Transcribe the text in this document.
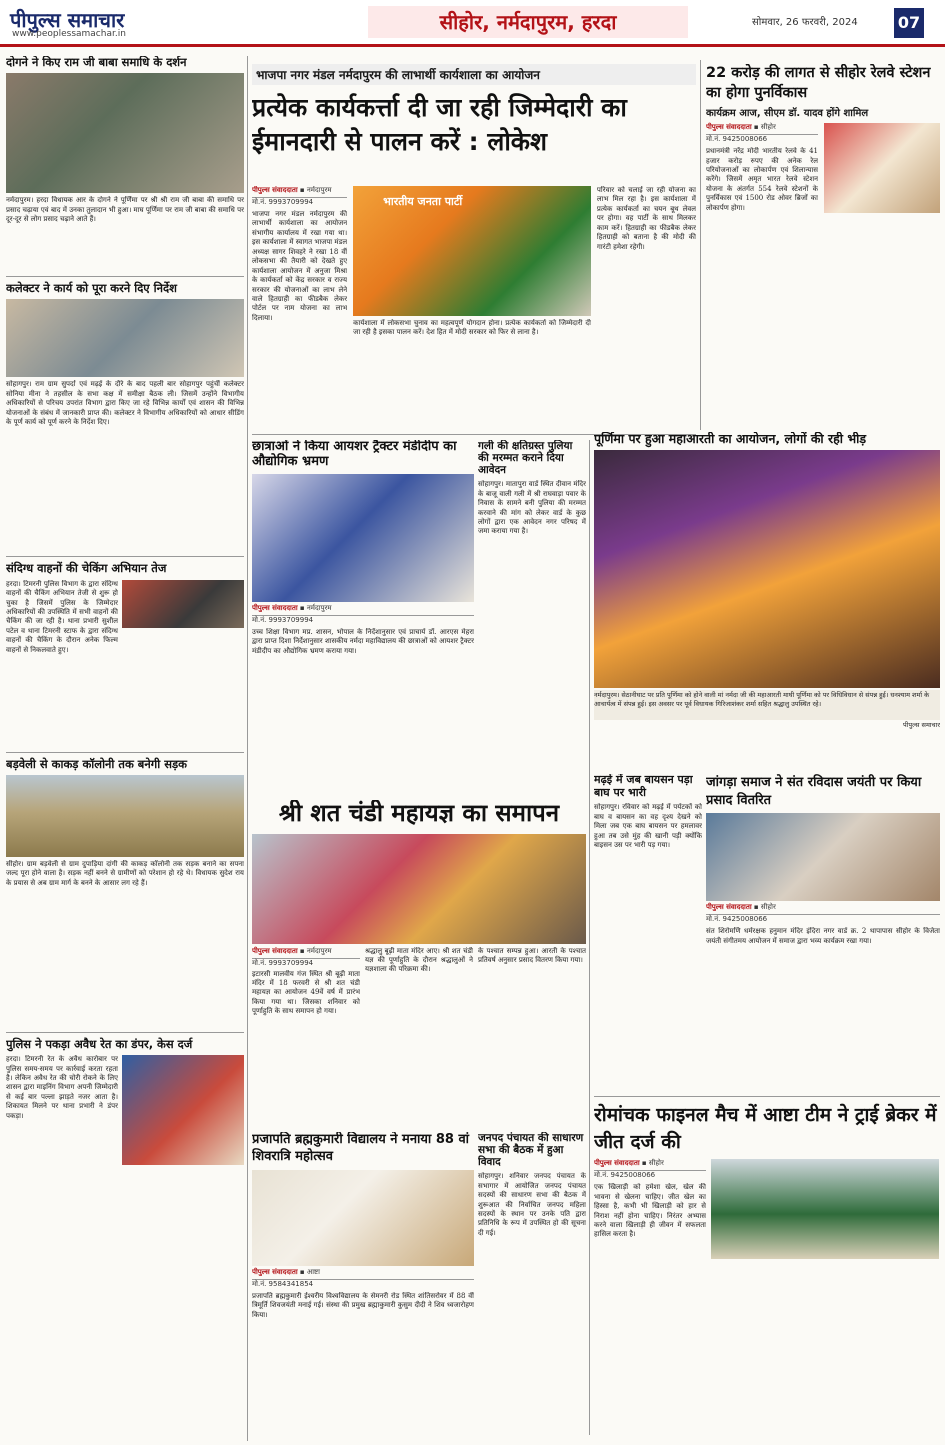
पीपुल्स समाचार
www.peoplessamachar.in	सीहोर, नर्मदापुरम, हरदा	सोमवार, 26 फरवरी, 2024	07
दोगने ने किए राम जी बाबा समाधि के दर्शन
नर्मदापुरम। हरदा विधायक आर के दोगने ने पूर्णिमा पर श्री श्री राम जी बाबा की समाधि पर प्रसाद चढ़ाया एवं बाद में उनका तुलादान भी हुआ। माघ पूर्णिमा पर राम जी बाबा की समाधि पर दूर-दूर से लोग प्रसाद चढ़ाने आते हैं।
कलेक्टर ने कार्य को पूरा करने दिए निर्देश
सोहागपुर। राम ग्राम सुपर्दा एवं मढ़ई के दौरे के बाद पहली बार सोहागपुर पहुंचीं कलेक्टर सोनिया मीना ने तहसील के सभा कक्ष में समीक्षा बैठक ली। जिसमें उन्होंने विभागीय अधिकारियों से परिचय उपरांत विभाग द्वारा किए जा रहे विभिन्न कार्यों एवं शासन की विभिन्न योजनाओं के संबंध में जानकारी प्राप्त की। कलेक्टर ने विभागीय अधिकारियों को आधार सीडिंग के पूर्ण कार्य को पूर्ण करने के निर्देश दिए।
संदिग्ध वाहनों की चेकिंग अभियान तेज
हरदा। टिमरनी पुलिस विभाग के द्वारा संदिग्ध वाहनों की चैकिंग अभियान तेजी से शुरू हो चुका है जिसमें पुलिस के जिम्मेदार अधिकारियों की उपस्थिति में सभी वाहनों की चैकिंग की जा रही है। थाना प्रभारी सुशील पटेल व थाना टिमरनी स्टाफ के द्वारा संदिग्ध वाहनों की चैकिंग के दौरान अनेक फिल्म वाहनों से निकलवाते हुए।
बड़वेली से काकड़ कॉलोनी तक बनेगी सड़क
सीहोर। ग्राम बड़वेली से ग्राम दुपाड़िया दांगी की काकड़ कॉलोनी तक सड़क बनाने का सपना जल्द पूरा होने वाला है। सड़क नहीं बनने से ग्रामीणों को परेशान हो रहे थे। विधायक सुदेश राय के प्रयास से अब ग्राम मार्ग के बनने के आसार लग रहे हैं।
पुलिस ने पकड़ा अवैध रेत का डंपर, केस दर्ज
हरदा। टिमरनी रेत के अवैध कारोबार पर पुलिस समय-समय पर कार्रवाई करता रहता है। लेकिन अवैध रेत की चोरी रोकने के लिए शासन द्वारा माइनिंग विभाग अपनी जिम्मेदारी से कई बार पल्ला झाड़ते नजर आता है। शिकायत मिलने पर थाना प्रभारी ने डंपर पकड़ा।
भाजपा नगर मंडल नर्मदापुरम की लाभार्थी कार्यशाला का आयोजन
प्रत्येक कार्यकर्त्ता दी जा रही जिम्मेदारी का ईमानदारी से पालन करें : लोकेश
पीपुल्स संवाददाता ▪ नर्मदापुरम
मो.नं. 9993709994
भाजपा नगर मंडल नर्मदापुरम की लाभार्थी कार्यशाला का आयोजन संभागीय कार्यालय में रखा गया था। इस कार्यशाला में स्वागत भाजपा मंडल अध्यक्ष सागर शिवहरे ने रखा 18 वीं लोकसभा की तैयारी को देखते हुए कार्यशाला आयोजन में अनुजा मिश्रा के कार्यकर्ता को केंद्र सरकार व राज्य सरकार की योजनाओं का लाभ लेने वाले हितग्राही का फीडबैक लेकर पोर्टल पर नाम योजना का लाभ दिलाया।
भारतीय जनता पार्टी
कार्यशाला में लोकसभा चुनाव का महत्वपूर्ण योगदान होना। प्रत्येक कार्यकर्ता को जिम्मेदारी दी जा रही है इसका पालन करें। देश हित में मोदी सरकार को फिर से लाना है।
परिवार को चलाई जा रही योजना का लाभ मिल रहा है। इस कार्यशाला में प्रत्येक कार्यकर्ता का चयन बूथ लेवल पर होगा। वह पार्टी के साथ मिलकर काम करें। हितग्राही का फीडबैक लेकर हितग्राही को बताना है की मोदी की गारंटी हमेशा रहेगी।
छात्राओं ने किया आयशर ट्रैक्टर मंडीदीप का औद्योगिक भ्रमण
पीपुल्स संवाददाता ▪ नर्मदापुरम
मो.नं. 9993709994
उच्च शिक्षा विभाग मप्र. शासन, भोपाल के निर्देशानुसार एवं प्राचार्य डॉ. आरएस मेहरा द्वारा प्राप्त दिशा निर्देशानुसार शासकीय नर्मदा महाविद्यालय की छात्राओं को आयशर ट्रैक्टर मंडीदीप का औद्योगिक भ्रमण कराया गया।
गली की क्षतिग्रस्त पुलिया की मरम्मत कराने दिया आवेदन
सोहागपुर। मातापुरा वार्ड स्थित दीवान मंदिर के बाजू वाली गली में श्री राघवाड़ा पवार के निवास के सामने बनी पुलिया की मरम्मत करवाने की मांग को लेकर वार्ड के कुछ लोगों द्वारा एक आवेदन नगर परिषद में जमा कराया गया है।
22 करोड़ की लागत से सीहोर रेलवे स्टेशन का होगा पुनर्विकास
कार्यक्रम आज, सीएम डॉ. यादव होंगे शामिल
पीपुल्स संवाददाता ▪ सीहोर
मो.नं. 9425008066
प्रधानमंत्री नरेंद्र मोदी भारतीय रेलवे के 41 हजार करोड़ रुपए की अनेक रेल परियोजनाओं का लोकार्पण एवं शिलान्यास करेंगे। जिसमें अमृत भारत रेलवे स्टेशन योजना के अंतर्गत 554 रेलवे स्टेशनों के पुनर्विकास एवं 1500 रोड ओवर ब्रिजों का लोकार्पण होगा।
पूर्णिमा पर हुआ महाआरती का आयोजन, लोगों की रही भीड़
नर्मदापुरम। सेठानीघाट पर प्रति पूर्णिमा को होने वाली मां नर्मदा जी की महाआरती माघी पूर्णिमा को पर विधिविधान से संपन्न हुई। धनश्याम शर्मा के आचार्यत्व में संपन्न हुई। इस अवसर पर पूर्व विधायक गिरिजाशंकर शर्मा सहित श्रद्धालु उपस्थित रहे।
पीपुल्स समाचार
श्री शत चंडी महायज्ञ का समापन
पीपुल्स संवाददाता ▪ नर्मदापुरम
मो.नं. 9993709994
इटारसी मालवीय गंज स्थित श्री बूढ़ी माता मंदिर में 18 फरवरी से श्री शत चंडी महायज्ञ का आयोजन 49वें वर्ष में प्रारंभ किया गया था। जिसका शनिवार को पूर्णाहुति के साथ समापन हो गया।
श्रद्धालु बूढ़ी माता मंदिर आए। श्री शत चंडी यज्ञ की पूर्णाहुति के दौरान श्रद्धालुओं ने यज्ञशाला की परिक्रमा की।
के पश्चात सम्पन्न हुआ। आरती के पश्चात प्रतिवर्ष अनुसार प्रसाद वितरण किया गया।
मढ़ई में जब बायसन पड़ा बाघ पर भारी
सोहागपुर। रविवार को मढ़ई में पर्यटकों को बाघ व बायसन का वह दृश्य देखने को मिला जब एक बाघ बायसन पर हमलावर हुआ तब उसे मुंह की खानी पड़ी क्योंकि बाइसन उस पर भारी पड़ गया।
जांगड़ा समाज ने संत रविदास जयंती पर किया प्रसाद वितरित
पीपुल्स संवाददाता ▪ सीहोर
मो.नं. 9425008066
संत शिरोमणि धर्मरक्षक हनुमान मंदिर इंदिरा नगर वार्ड क्र. 2 थापापास सीहोर के विजेता जयंती संगीतमय आयोजन में समाज द्वारा भव्य कार्यक्रम रखा गया।
प्रजापति ब्रह्मकुमारी विद्यालय ने मनाया 88 वां शिवरात्रि महोत्सव
पीपुल्स संवाददाता ▪ आष्टा
मो.नं. 9584341854
प्रजापति ब्रह्मकुमारी ईश्वरीय विश्वविद्यालय के सेमनरी रोड स्थित शांतिसरोवर में 88 वीं त्रिमूर्ति शिवजयंती मनाई गई। संस्था की प्रमुख ब्रह्माकुमारी कुसुम दीदी ने शिव ध्वजारोहण किया।
जनपद पंचायत की साधारण सभा की बैठक में हुआ विवाद
सोहागपुर। शनिवार जनपद पंचायत के सभागार में आयोजित जनपद पंचायत सदस्यों की साधारण सभा की बैठक में शुरूआत की निर्वाचित जनपद महिला सदस्यों के स्थान पर उनके पति द्वारा प्रतिनिधि के रूप में उपस्थित हो की सूचना दी गई।
रोमांचक फाइनल मैच में आष्टा टीम ने ट्राई ब्रेकर में जीत दर्ज की
पीपुल्स संवाददाता ▪ सीहोर
मो.नं. 9425008066
एक खिलाड़ी को हमेशा खेल, खेल की भावना से खेलना चाहिए। जीत खेल का हिस्सा है, कभी भी खिलाड़ी को हार से निराश नहीं होना चाहिए। निरंतर अभ्यास करने वाला खिलाड़ी ही जीवन में सफलता हासिल करता है।
